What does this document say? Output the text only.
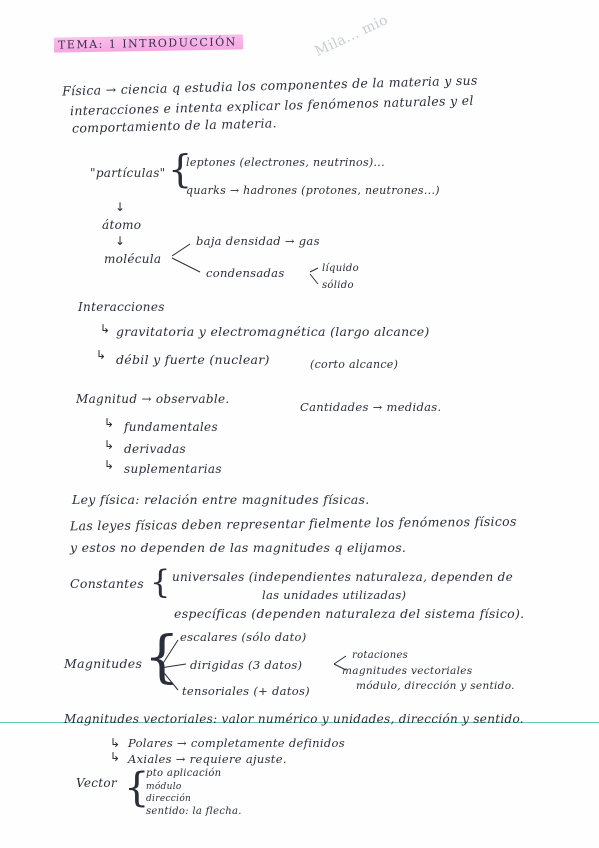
TEMA: 1 INTRODUCCIÓN	Mila... mio
Física → ciencia q estudia los componentes de la materia y sus
interacciones e intenta explicar los fenómenos naturales y el
comportamiento de la materia.
"partículas" {
leptones (electrones, neutrinos)...
quarks → hadrones (protones, neutrones...)
↓
átomo
↓
molécula
baja densidad → gas
condensadas	líquido
sólido
Interacciones
↳ gravitatoria y electromagnética (largo alcance)
↳ débil y fuerte (nuclear)	(corto alcance)
Magnitud → observable.
Cantidades → medidas.
↳ fundamentales
↳ derivadas
↳ suplementarias
Ley física: relación entre magnitudes físicas.
Las leyes físicas deben representar fielmente los fenómenos físicos
y estos no dependen de las magnitudes q elijamos.
Constantes { universales (independientes naturaleza, dependen de
las unidades utilizadas)
específicas (dependen naturaleza del sistema físico).
Magnitudes { escalares (sólo dato)
dirigidas (3 datos)
tensoriales (+ datos)
rotaciones
magnitudes vectoriales
módulo, dirección y sentido.
Magnitudes vectoriales: valor numérico y unidades, dirección y sentido.
↳ Polares → completamente definidos
↳ Axiales → requiere ajuste.
Vector {
pto aplicación
módulo
dirección
sentido: la flecha.
